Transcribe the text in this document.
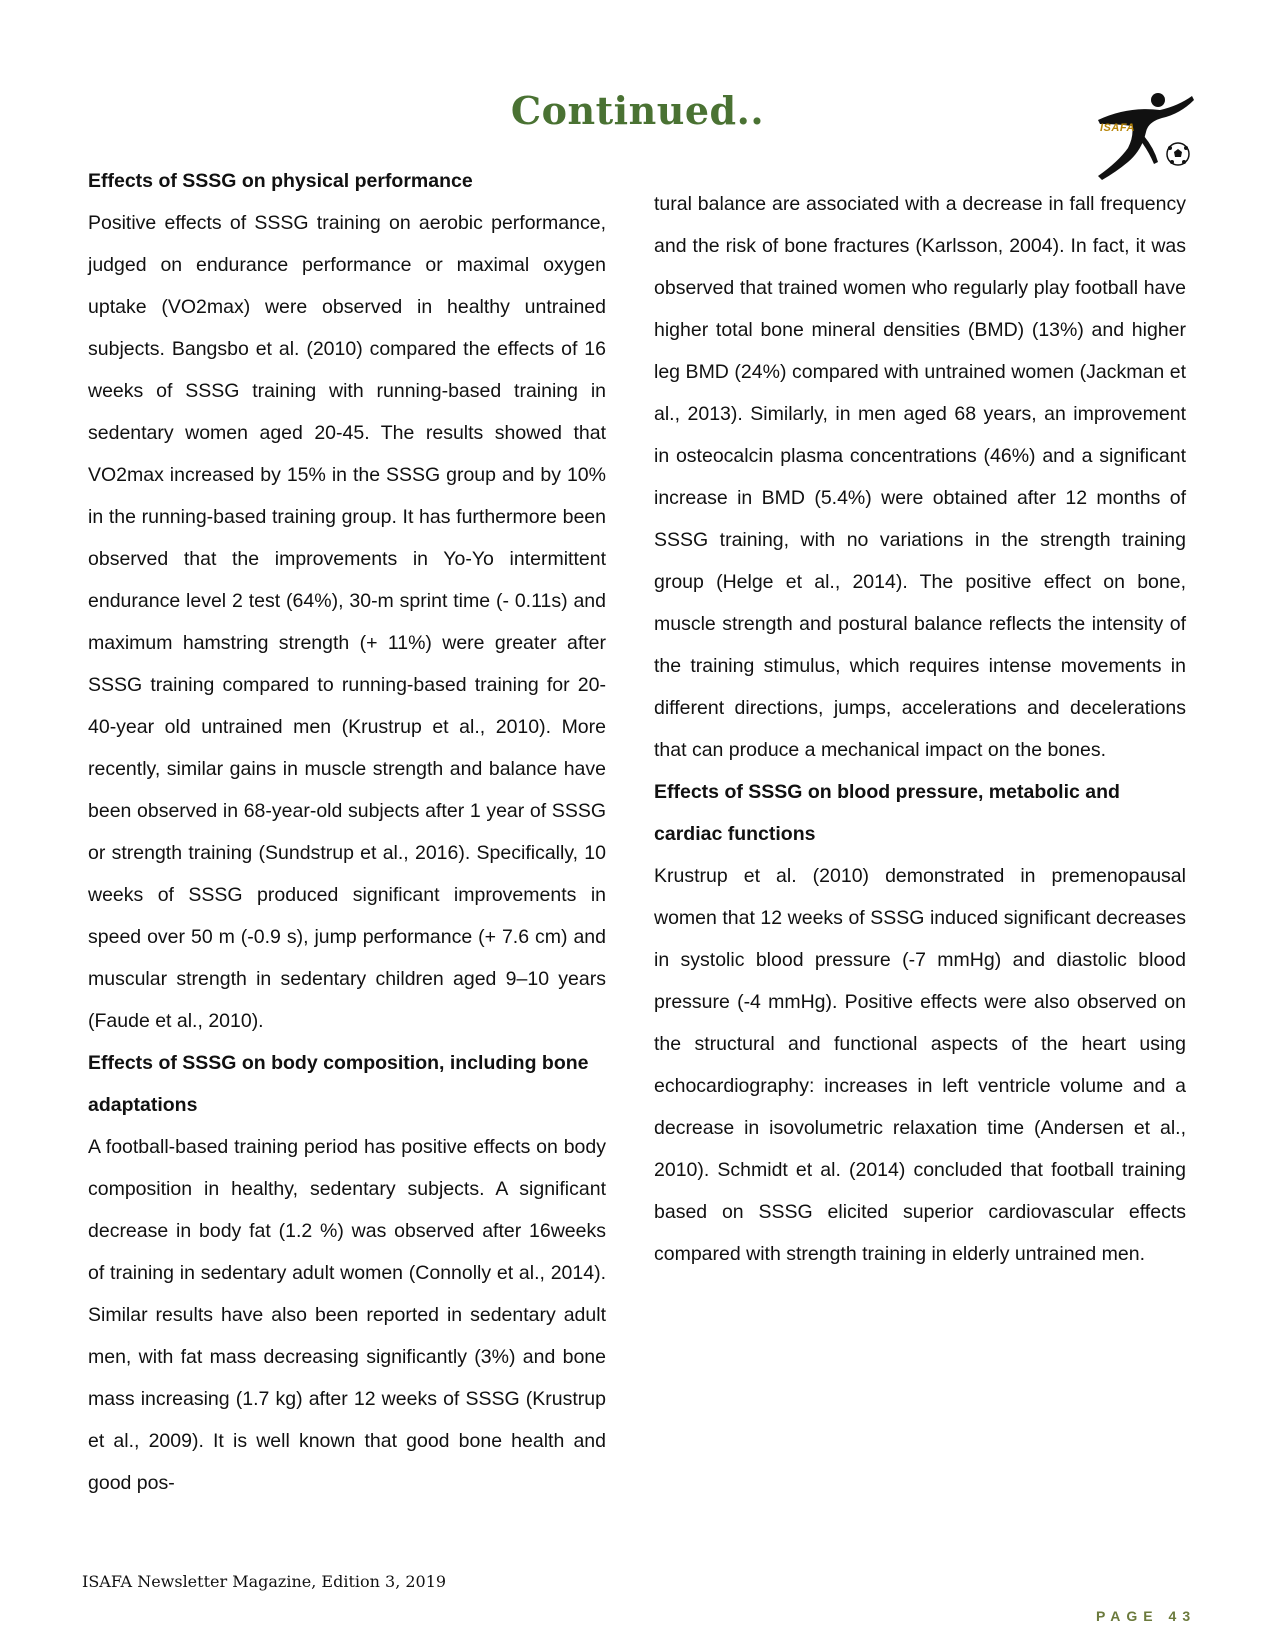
Continued..	ISAFA
Effects of SSSG on physical performance

Positive effects of SSSG training on aerobic performance, judged on endurance performance or maximal oxygen uptake (VO2max) were observed in healthy untrained subjects. Bangsbo et al. (2010) compared the effects of 16 weeks of SSSG training with running-based training in sedentary women aged 20-45. The results showed that VO2max increased by 15% in the SSSG group and by 10% in the running-based training group. It has furthermore been observed that the improvements in Yo-Yo intermittent endurance level 2 test (64%), 30-m sprint time (- 0.11s) and maximum hamstring strength (+ 11%) were greater after SSSG training compared to running-based training for 20-40-year old untrained men (Krustrup et al., 2010). More recently, similar gains in muscle strength and balance have been observed in 68-year-old subjects after 1 year of SSSG or strength training (Sundstrup et al., 2016). Specifically, 10 weeks of SSSG produced significant improvements in speed over 50 m (-0.9 s), jump performance (+ 7.6 cm) and muscular strength in sedentary children aged 9–10 years (Faude et al., 2010).

Effects of SSSG on body composition, including bone adaptations

A football-based training period has positive effects on body composition in healthy, sedentary subjects. A significant decrease in body fat (1.2 %) was observed after 16weeks of training in sedentary adult women (Connolly et al., 2014). Similar results have also been reported in sedentary adult men, with fat mass decreasing significantly (3%) and bone mass increasing (1.7 kg) after 12 weeks of SSSG (Krustrup et al., 2009). It is well known that good bone health and good pos-

tural balance are associated with a decrease in fall frequency and the risk of bone fractures (Karlsson, 2004). In fact, it was observed that trained women who regularly play football have higher total bone mineral densities (BMD) (13%) and higher leg BMD (24%) compared with untrained women (Jackman et al., 2013). Similarly, in men aged 68 years, an improvement in osteocalcin plasma concentrations (46%) and a significant increase in BMD (5.4%) were obtained after 12 months of SSSG training, with no variations in the strength training group (Helge et al., 2014). The positive effect on bone, muscle strength and postural balance reflects the intensity of the training stimulus, which requires intense movements in different directions, jumps, accelerations and decelerations that can produce a mechanical impact on the bones.

Effects of SSSG on blood pressure, metabolic and cardiac functions

Krustrup et al. (2010) demonstrated in premenopausal women that 12 weeks of SSSG induced significant decreases in systolic blood pressure (-7 mmHg) and diastolic blood pressure (-4 mmHg). Positive effects were also observed on the structural and functional aspects of the heart using echocardiography: increases in left ventricle volume and a decrease in isovolumetric relaxation time (Andersen et al., 2010). Schmidt et al. (2014) concluded that football training based on SSSG elicited superior cardiovascular effects compared with strength training in elderly untrained men.

ISAFA Newsletter Magazine, Edition 3, 2019
PAGE 43
